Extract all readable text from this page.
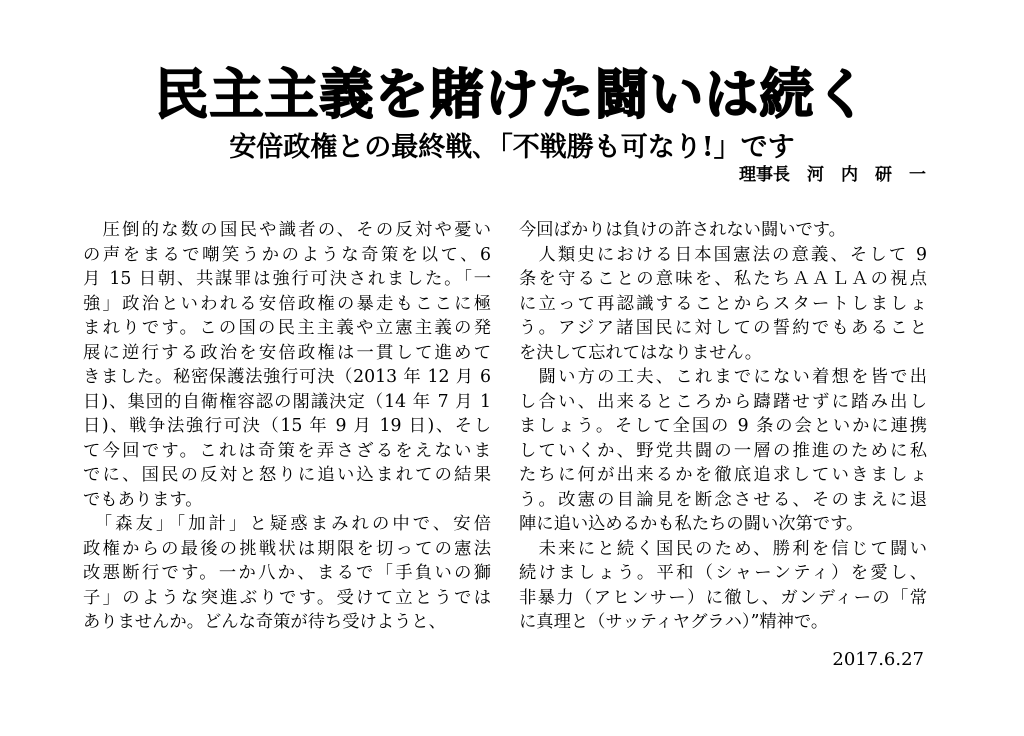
民主主義を賭けた闘いは続く
安倍政権との最終戦､「不戦勝も可なり!」です
理事長　河　内　研　一
　圧倒的な数の国民や識者の、その反対や憂い
の声をまるで嘲笑うかのような奇策を以て、6
月 15 日朝、共謀罪は強行可決されました。「一
強」政治といわれる安倍政権の暴走もここに極
まれりです。この国の民主主義や立憲主義の発
展に逆行する政治を安倍政権は一貫して進めて
きました。秘密保護法強行可決（2013 年 12 月 6
日)、集団的自衛権容認の閣議決定（14 年 7 月 1
日)、戦争法強行可決（15 年 9 月 19 日)、そし
て今回です。これは奇策を弄さざるをえないま
でに、国民の反対と怒りに追い込まれての結果
でもあります。
　「森友」「加計」と疑惑まみれの中で、安倍
政権からの最後の挑戦状は期限を切っての憲法
改悪断行です。一か八か、まるで「手負いの獅
子」のような突進ぶりです。受けて立とうでは
ありませんか。どんな奇策が待ち受けようと、
今回ばかりは負けの許されない闘いです。
　人類史における日本国憲法の意義、そして 9
条を守ることの意味を、私たちＡＡＬＡの視点
に立って再認識することからスタートしましょ
う。アジア諸国民に対しての誓約でもあること
を決して忘れてはなりません。
　闘い方の工夫、これまでにない着想を皆で出
し合い、出来るところから躊躇せずに踏み出し
ましょう。そして全国の 9 条の会といかに連携
していくか、野党共闘の一層の推進のために私
たちに何が出来るかを徹底追求していきましょ
う。改憲の目論見を断念させる、そのまえに退
陣に追い込めるかも私たちの闘い次第です。
　未来にと続く国民のため、勝利を信じて闘い
続けましょう。平和（シャーンティ）を愛し、
非暴力（アヒンサー）に徹し、ガンディーの「常
に真理と（サッティヤグラハ）”精神で。
2017.6.27
